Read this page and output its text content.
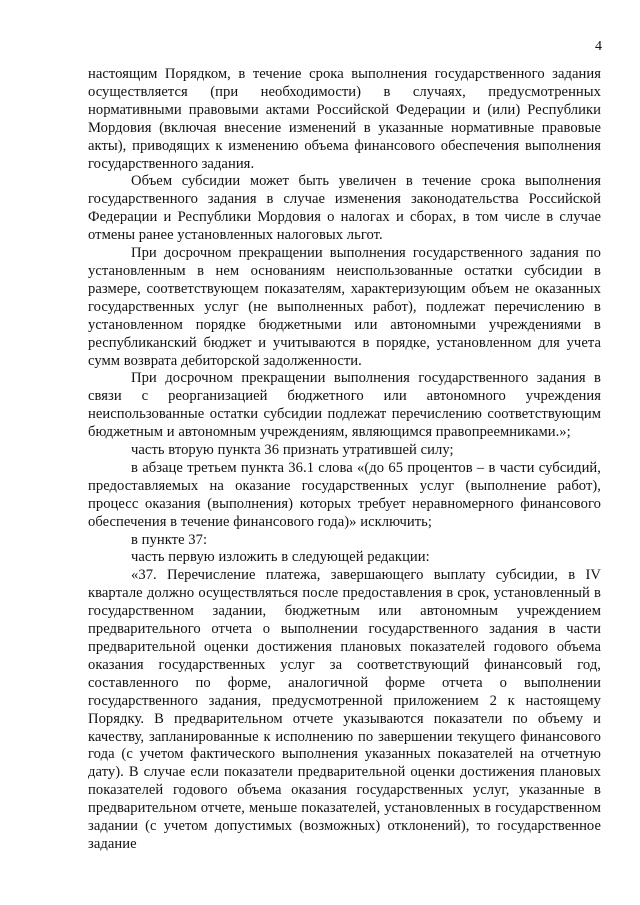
4

настоящим Порядком, в течение срока выполнения государственного задания осуществляется (при необходимости) в случаях, предусмотренных нормативными правовыми актами Российской Федерации и (или) Республики Мордовия (включая внесение изменений в указанные нормативные правовые акты), приводящих к изменению объема финансового обеспечения выполнения государственного задания.

Объем субсидии может быть увеличен в течение срока выполнения государственного задания в случае изменения законодательства Российской Федерации и Республики Мордовия о налогах и сборах, в том числе в случае отмены ранее установленных налоговых льгот.

При досрочном прекращении выполнения государственного задания по установленным в нем основаниям неиспользованные остатки субсидии в размере, соответствующем показателям, характеризующим объем не оказанных государственных услуг (не выполненных работ), подлежат перечислению в установленном порядке бюджетными или автономными учреждениями в республиканский бюджет и учитываются в порядке, установленном для учета сумм возврата дебиторской задолженности.

При досрочном прекращении выполнения государственного задания в связи с реорганизацией бюджетного или автономного учреждения неиспользованные остатки субсидии подлежат перечислению соответствующим бюджетным и автономным учреждениям, являющимся правопреемниками.»;

часть вторую пункта 36 признать утратившей силу;

в абзаце третьем пункта 36.1 слова «(до 65 процентов – в части субсидий, предоставляемых на оказание государственных услуг (выполнение работ), процесс оказания (выполнения) которых требует неравномерного финансового обеспечения в течение финансового года)» исключить;

в пункте 37:

часть первую изложить в следующей редакции:

«37. Перечисление платежа, завершающего выплату субсидии, в IV квартале должно осуществляться после предоставления в срок, установленный в государственном задании, бюджетным или автономным учреждением предварительного отчета о выполнении государственного задания в части предварительной оценки достижения плановых показателей годового объема оказания государственных услуг за соответствующий финансовый год, составленного по форме, аналогичной форме отчета о выполнении государственного задания, предусмотренной приложением 2 к настоящему Порядку. В предварительном отчете указываются показатели по объему и качеству, запланированные к исполнению по завершении текущего финансового года (с учетом фактического выполнения указанных показателей на отчетную дату). В случае если показатели предварительной оценки достижения плановых показателей годового объема оказания государственных услуг, указанные в предварительном отчете, меньше показателей, установленных в государственном задании (с учетом допустимых (возможных) отклонений), то государственное задание
